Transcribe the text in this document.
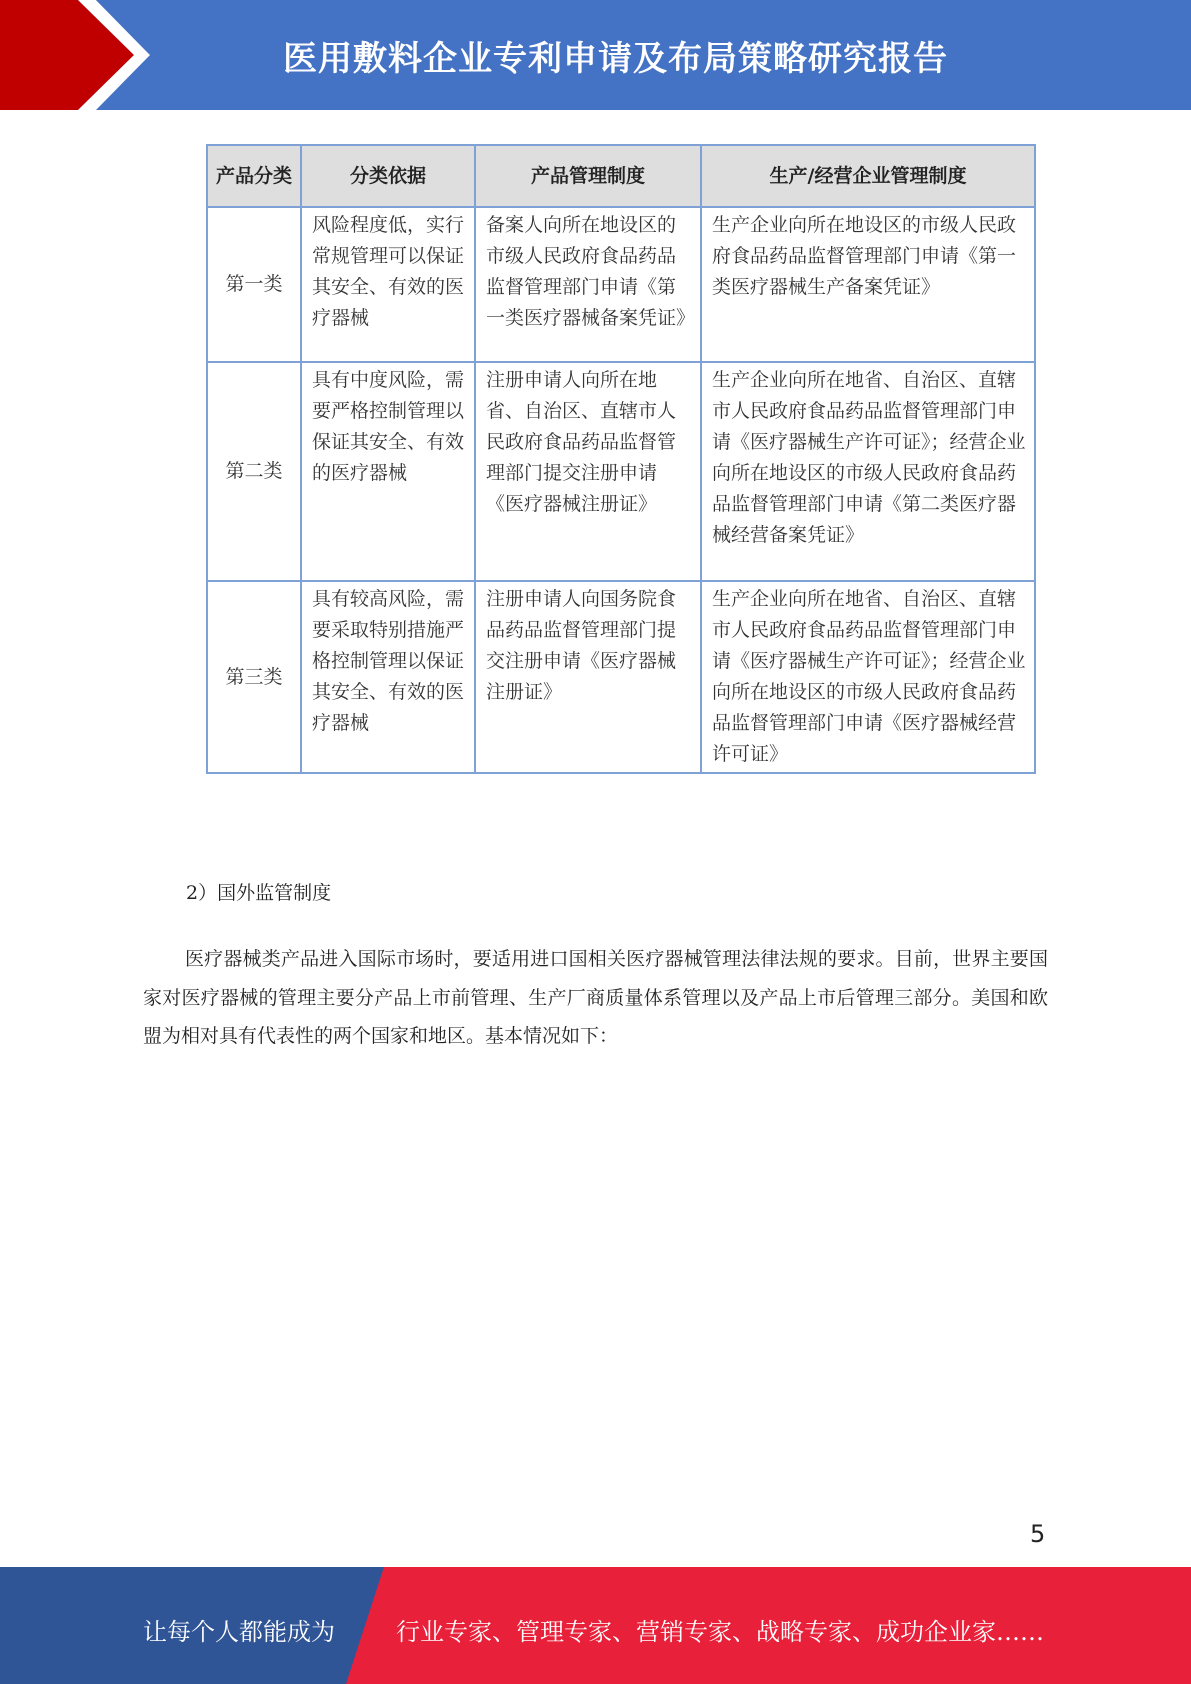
医用敷料企业专利申请及布局策略研究报告
产品分类	分类依据	产品管理制度	生产/经营企业管理制度
第一类	风险程度低，实行常规管理可以保证其安全、有效的医疗器械	备案人向所在地设区的市级人民政府食品药品监督管理部门申请《第一类医疗器械备案凭证》	生产企业向所在地设区的市级人民政府食品药品监督管理部门申请《第一类医疗器械生产备案凭证》
第二类	具有中度风险，需要严格控制管理以保证其安全、有效的医疗器械	注册申请人向所在地省、自治区、直辖市人民政府食品药品监督管理部门提交注册申请《医疗器械注册证》	生产企业向所在地省、自治区、直辖市人民政府食品药品监督管理部门申请《医疗器械生产许可证》；经营企业向所在地设区的市级人民政府食品药品监督管理部门申请《第二类医疗器械经营备案凭证》
第三类	具有较高风险，需要采取特别措施严格控制管理以保证其安全、有效的医疗器械	注册申请人向国务院食品药品监督管理部门提交注册申请《医疗器械注册证》	生产企业向所在地省、自治区、直辖市人民政府食品药品监督管理部门申请《医疗器械生产许可证》；经营企业向所在地设区的市级人民政府食品药品监督管理部门申请《医疗器械经营许可证》
2）国外监管制度
医疗器械类产品进入国际市场时，要适用进口国相关医疗器械管理法律法规的要求。目前，世界主要国家对医疗器械的管理主要分产品上市前管理、生产厂商质量体系管理以及产品上市后管理三部分。美国和欧盟为相对具有代表性的两个国家和地区。基本情况如下：
5
让每个人都能成为	行业专家、管理专家、营销专家、战略专家、成功企业家……
